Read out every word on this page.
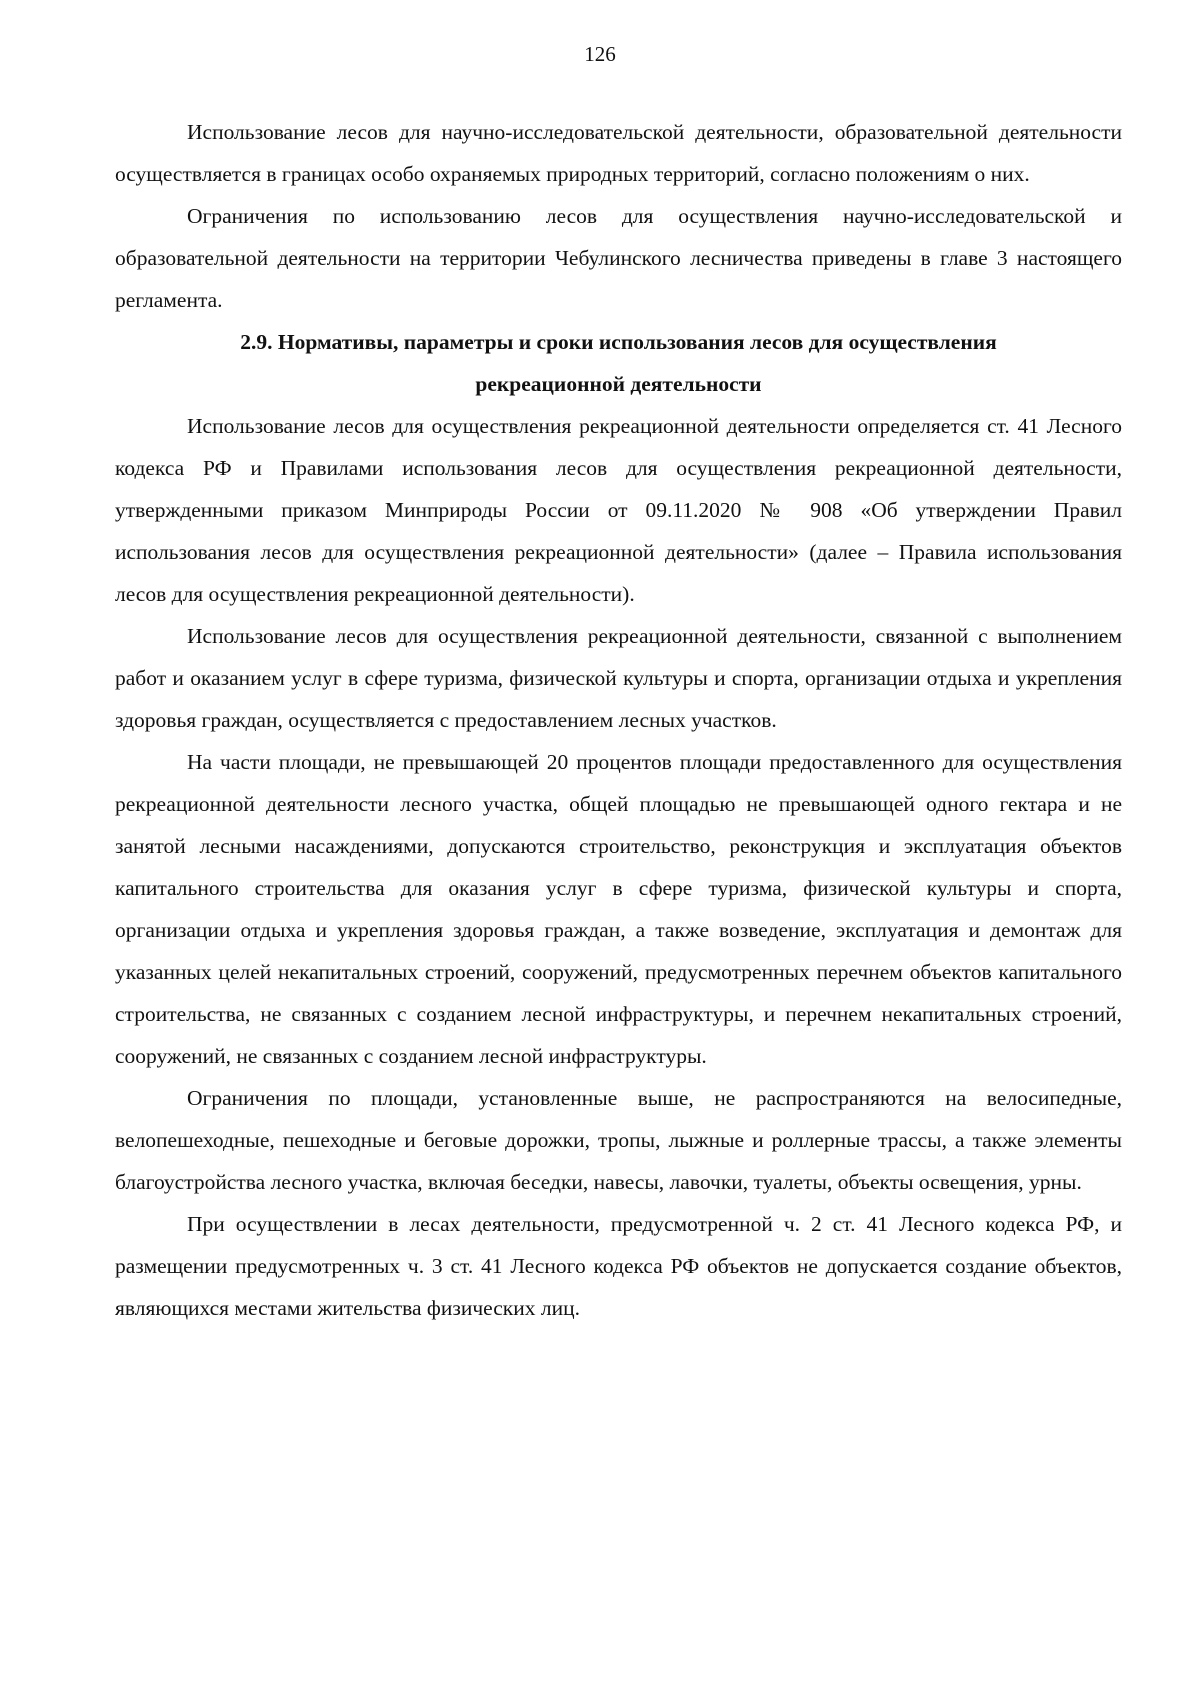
126

Использование лесов для научно-исследовательской деятельности, образовательной деятельности осуществляется в границах особо охраняемых природных территорий, согласно положениям о них.

Ограничения по использованию лесов для осуществления научно-исследовательской и образовательной деятельности на территории Чебулинского лесничества приведены в главе 3 настоящего регламента.

2.9. Нормативы, параметры и сроки использования лесов для осуществления
рекреационной деятельности

Использование лесов для осуществления рекреационной деятельности определяется ст. 41 Лесного кодекса РФ и Правилами использования лесов для осуществления рекреационной деятельности, утвержденными приказом Минприроды России от 09.11.2020 № 908 «Об утверждении Правил использования лесов для осуществления рекреационной деятельности» (далее – Правила использования лесов для осуществления рекреационной деятельности).

Использование лесов для осуществления рекреационной деятельности, связанной с выполнением работ и оказанием услуг в сфере туризма, физической культуры и спорта, организации отдыха и укрепления здоровья граждан, осуществляется с предоставлением лесных участков.

На части площади, не превышающей 20 процентов площади предоставленного для осуществления рекреационной деятельности лесного участка, общей площадью не превышающей одного гектара и не занятой лесными насаждениями, допускаются строительство, реконструкция и эксплуатация объектов капитального строительства для оказания услуг в сфере туризма, физической культуры и спорта, организации отдыха и укрепления здоровья граждан, а также возведение, эксплуатация и демонтаж для указанных целей некапитальных строений, сооружений, предусмотренных перечнем объектов капитального строительства, не связанных с созданием лесной инфраструктуры, и перечнем некапитальных строений, сооружений, не связанных с созданием лесной инфраструктуры.

Ограничения по площади, установленные выше, не распространяются на велосипедные, велопешеходные, пешеходные и беговые дорожки, тропы, лыжные и роллерные трассы, а также элементы благоустройства лесного участка, включая беседки, навесы, лавочки, туалеты, объекты освещения, урны.

При осуществлении в лесах деятельности, предусмотренной ч. 2 ст. 41 Лесного кодекса РФ, и размещении предусмотренных ч. 3 ст. 41 Лесного кодекса РФ объектов не допускается создание объектов, являющихся местами жительства физических лиц.
